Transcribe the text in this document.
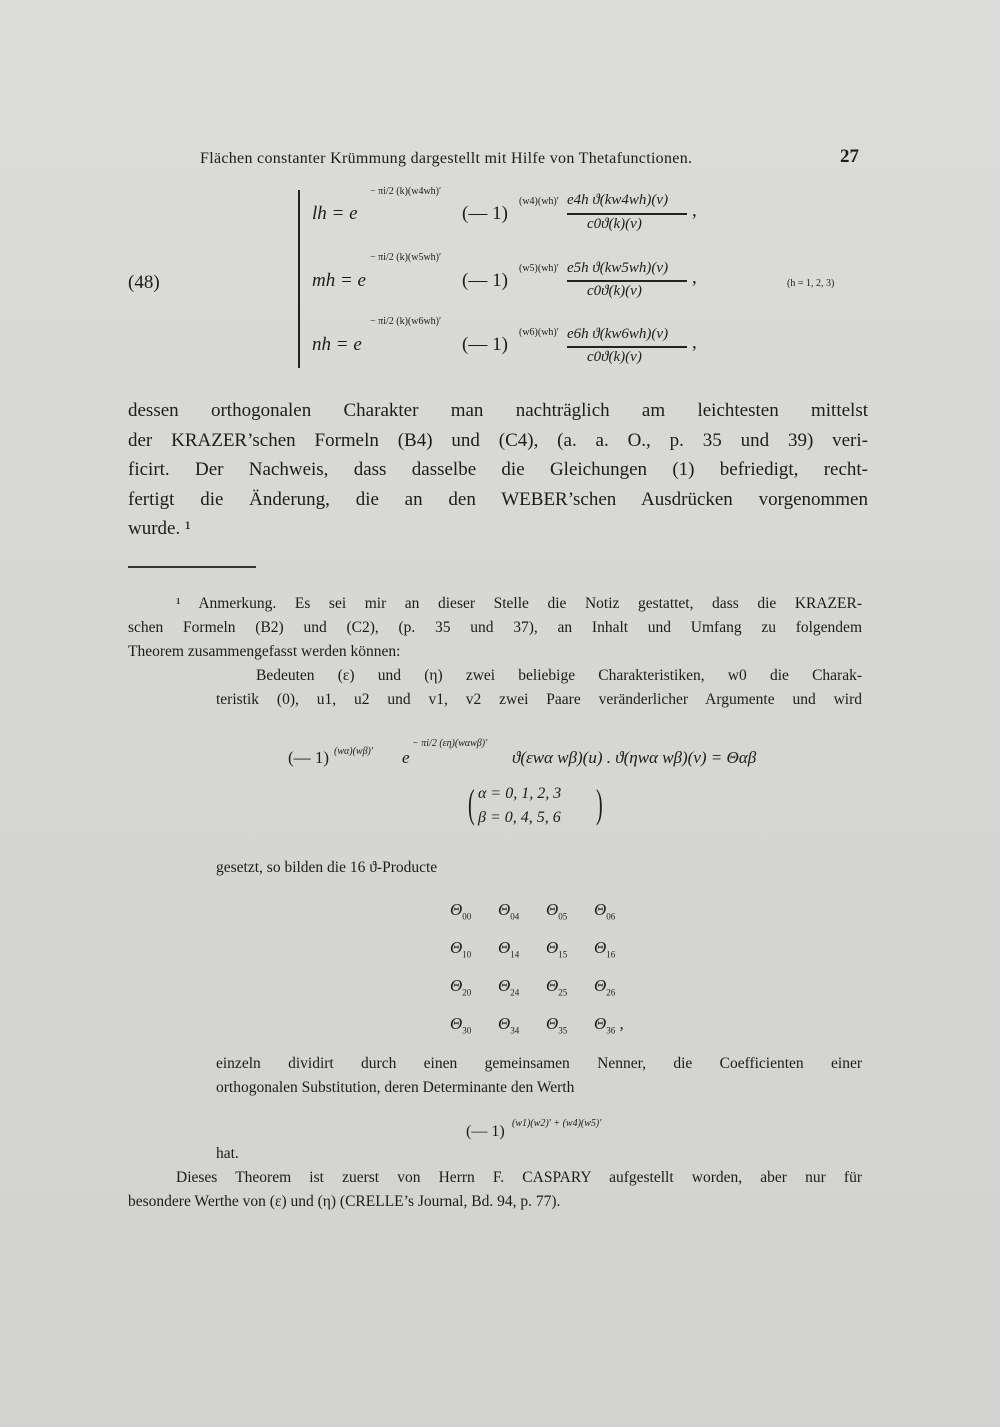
Flächen constanter Krümmung dargestellt mit Hilfe von Thetafunctionen.	27
(48)	(h = 1, 2, 3)
lh = e
− πi/2 (k)(w4wh)′
(— 1)
(w4)(wh)′ e4h ϑ(kw4wh)(v)
c0ϑ(k)(v)
,
mh = e
− πi/2 (k)(w5wh)′
(— 1)
(w5)(wh)′ e5h ϑ(kw5wh)(v)
c0ϑ(k)(v)
,
nh = e
− πi/2 (k)(w6wh)′
(— 1)
(w6)(wh)′ e6h ϑ(kw6wh)(v)
c0ϑ(k)(v)
,
dessen orthogonalen Charakter man nachträglich am leichtesten mittelst
der KRAZER’schen Formeln (B4) und (C4), (a. a. O., p. 35 und 39) veri-
ficirt. Der Nachweis, dass dasselbe die Gleichungen (1) befriedigt, recht-
fertigt die Änderung, die an den WEBER’schen Ausdrücken vorgenommen
wurde. ¹
¹ Anmerkung. Es sei mir an dieser Stelle die Notiz gestattet, dass die KRAZER-
schen Formeln (B2) und (C2), (p. 35 und 37), an Inhalt und Umfang zu folgendem
Theorem zusammengefasst werden können:
Bedeuten (ε) und (η) zwei beliebige Charakteristiken, w0 die Charak-
teristik (0), u1, u2 und v1, v2 zwei Paare veränderlicher Argumente und wird
(— 1) (wα)(wβ)′ e
− πi/2 (εη)(wαwβ)′
ϑ(εwα wβ)(u) . ϑ(ηwα wβ)(v) = Θαβ
( α = 0, 1, 2, 3
β = 0, 4, 5, 6 )
gesetzt, so bilden die 16 ϑ-Producte
$\Theta_{00}$ $\Theta_{04}$ $\Theta_{05}$ $\Theta_{06}$
$\Theta_{10}$ $\Theta_{14}$ $\Theta_{15}$ $\Theta_{16}$
$\Theta_{20}$ $\Theta_{24}$ $\Theta_{25}$ $\Theta_{26}$
$\Theta_{30}$ $\Theta_{34}$ $\Theta_{35}$ $\Theta_{36}$ ,
einzeln dividirt durch einen gemeinsamen Nenner, die Coefficienten einer
orthogonalen Substitution, deren Determinante den Werth
(— 1) (w1)(w2)′ + (w4)(w5)′
hat.
Dieses Theorem ist zuerst von Herrn F. CASPARY aufgestellt worden, aber nur für
besondere Werthe von (ε) und (η) (CRELLE’s Journal, Bd. 94, p. 77).
